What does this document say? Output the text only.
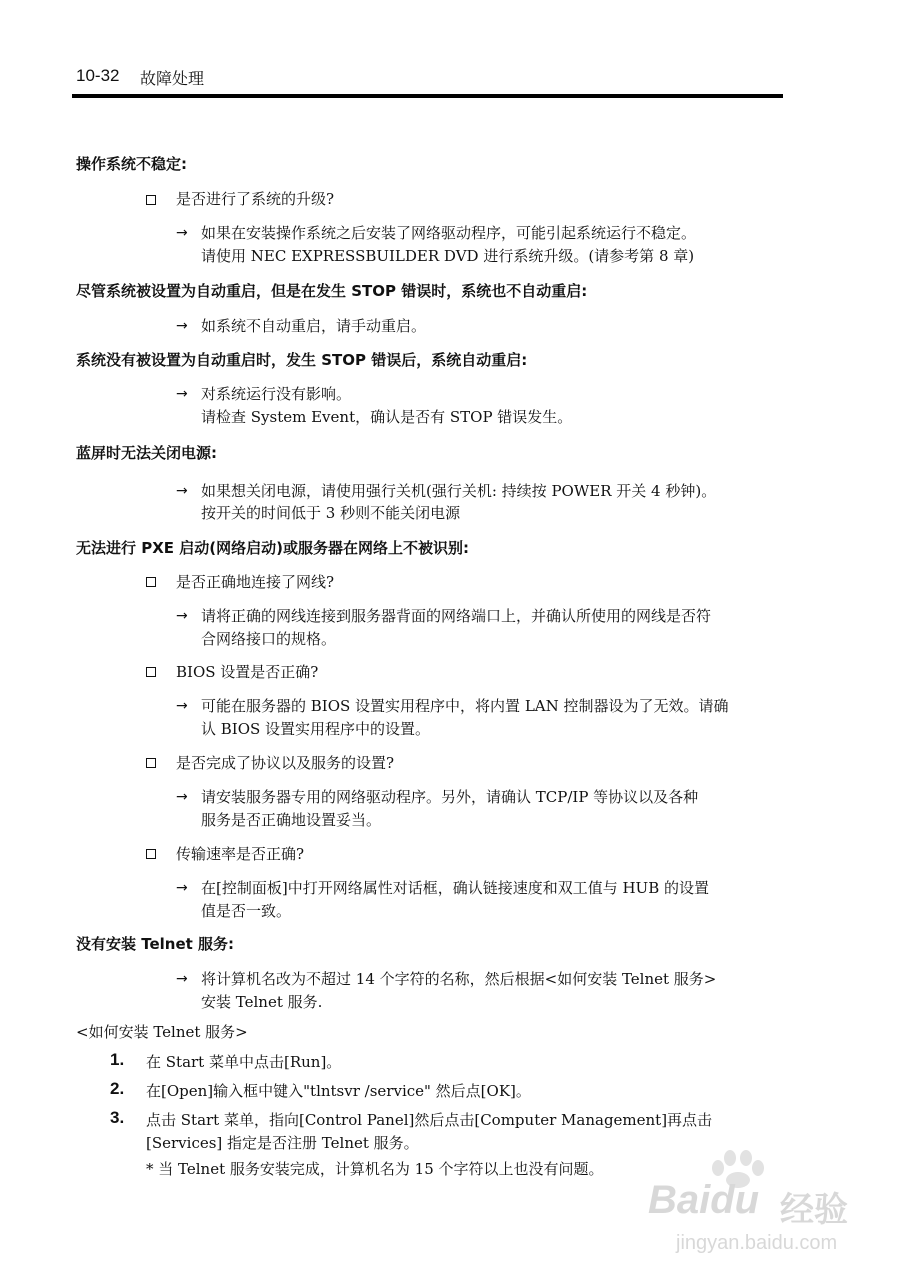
10-32 故障处理
操作系统不稳定:
是否进行了系统的升级?
→ 如果在安装操作系统之后安装了网络驱动程序，可能引起系统运行不稳定。
请使用 NEC EXPRESSBUILDER DVD 进行系统升级。(请参考第 8 章)
尽管系统被设置为自动重启，但是在发生 STOP 错误时，系统也不自动重启:
→ 如系统不自动重启，请手动重启。
系统没有被设置为自动重启时，发生 STOP 错误后，系统自动重启:
→ 对系统运行没有影响。
请检查 System Event，确认是否有 STOP 错误发生。
蓝屏时无法关闭电源:
→ 如果想关闭电源，请使用强行关机(强行关机: 持续按 POWER 开关 4 秒钟)。
按开关的时间低于 3 秒则不能关闭电源
无法进行 PXE 启动(网络启动)或服务器在网络上不被识别:
是否正确地连接了网线?
→ 请将正确的网线连接到服务器背面的网络端口上，并确认所使用的网线是否符
合网络接口的规格。
BIOS 设置是否正确?
→ 可能在服务器的 BIOS 设置实用程序中，将内置 LAN 控制器设为了无效。请确
认 BIOS 设置实用程序中的设置。
是否完成了协议以及服务的设置?
→ 请安装服务器专用的网络驱动程序。另外，请确认 TCP/IP 等协议以及各种
服务是否正确地设置妥当。
传输速率是否正确?
→ 在[控制面板]中打开网络属性对话框，确认链接速度和双工值与 HUB 的设置
值是否一致。
没有安装 Telnet 服务:
→ 将计算机名改为不超过 14 个字符的名称，然后根据<如何安装 Telnet 服务>
安装 Telnet 服务.
<如何安装 Telnet 服务>
1. 在 Start 菜单中点击[Run]。
2. 在[Open]输入框中键入"tlntsvr /service" 然后点[OK]。
3. 点击 Start 菜单，指向[Control Panel]然后点击[Computer Management]再点击
[Services] 指定是否注册 Telnet 服务。
* 当 Telnet 服务安装完成，计算机名为 15 个字符以上也没有问题。
Baidu 经验
jingyan.baidu.com
